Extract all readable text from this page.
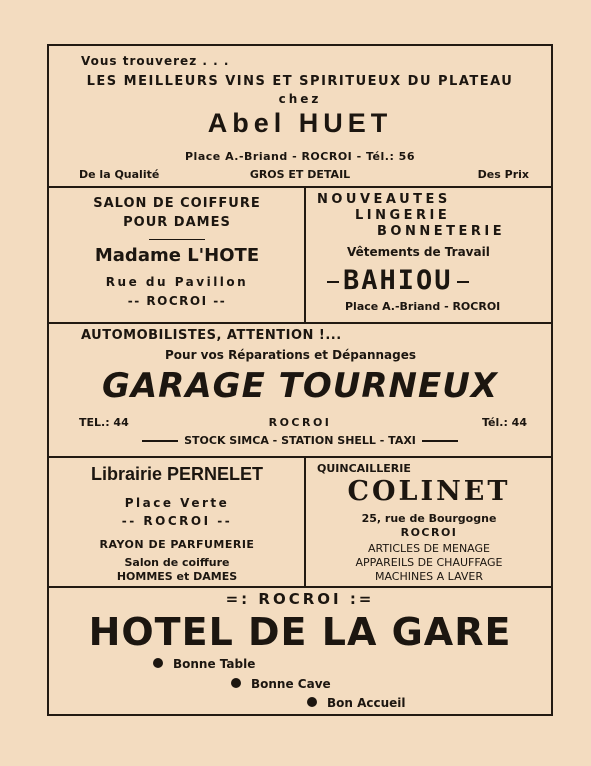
Vous trouverez . . .
LES MEILLEURS VINS ET SPIRITUEUX DU PLATEAU
chez
Abel HUET
Place A.-Briand - ROCROI - Tél.: 56
De la Qualité	GROS ET DETAIL	Des Prix
SALON DE COIFFURE
POUR DAMES
Madame L'HOTE
Rue du Pavillon
-- ROCROI --
NOUVEAUTES
LINGERIE
BONNETERIE
Vêtements de Travail
BAHIOU
Place A.-Briand - ROCROI
AUTOMOBILISTES, ATTENTION !...
Pour vos Réparations et Dépannages
GARAGE TOURNEUX
TEL.: 44	ROCROI	Tél.: 44
STOCK SIMCA - STATION SHELL - TAXI
Librairie PERNELET
Place Verte
-- ROCROI --
RAYON DE PARFUMERIE
Salon de coiffure
HOMMES et DAMES
QUINCAILLERIE
COLINET
25, rue de Bourgogne
ROCROI
ARTICLES DE MENAGE
APPAREILS DE CHAUFFAGE
MACHINES A LAVER
=: ROCROI :=
HOTEL DE LA GARE
Bonne Table
Bonne Cave
Bon Accueil
